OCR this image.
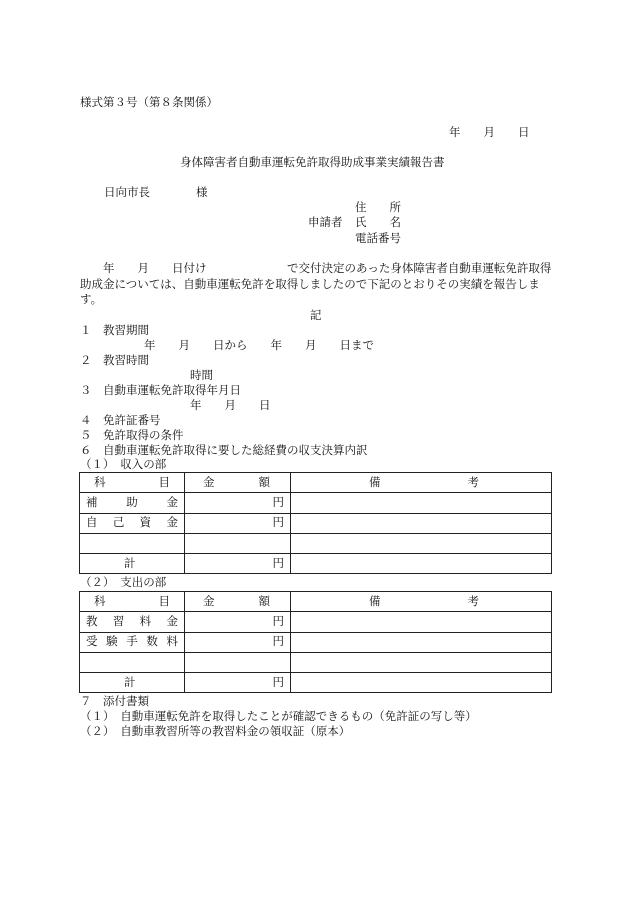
様式第３号（第８条関係）
年　　月　　日
身体障害者自動車運転免許取得助成事業実績報告書
日向市長　　　　様
住　　所
申請者 氏　　名
電話番号
　　年　　月　　日付け　　　　　　　で交付決定のあった身体障害者自動車運転免許取得助成金については、自動車運転免許を取得しましたので下記のとおりその実績を報告します。
記
１　教習期間
年　　月　　日から　　年　　月　　日まで
２　教習時間
時間
３　自動車運転免許取得年月日
年　　月　　日
４　免許証番号
５　免許取得の条件
６　自動車運転免許取得に要した総経費の収支決算内訳
（１）　収入の部
科 目	金 額	備 考

補 助 金	円	

自 己 資 金	円	

計	円	
（２）　支出の部
科 目	金 額	備 考

教 習 料 金	円	

受 験 手 数 料	円	

計	円	
７　添付書類
（１）　自動車運転免許を取得したことが確認できるもの（免許証の写し等）
（２）　自動車教習所等の教習料金の領収証（原本）
